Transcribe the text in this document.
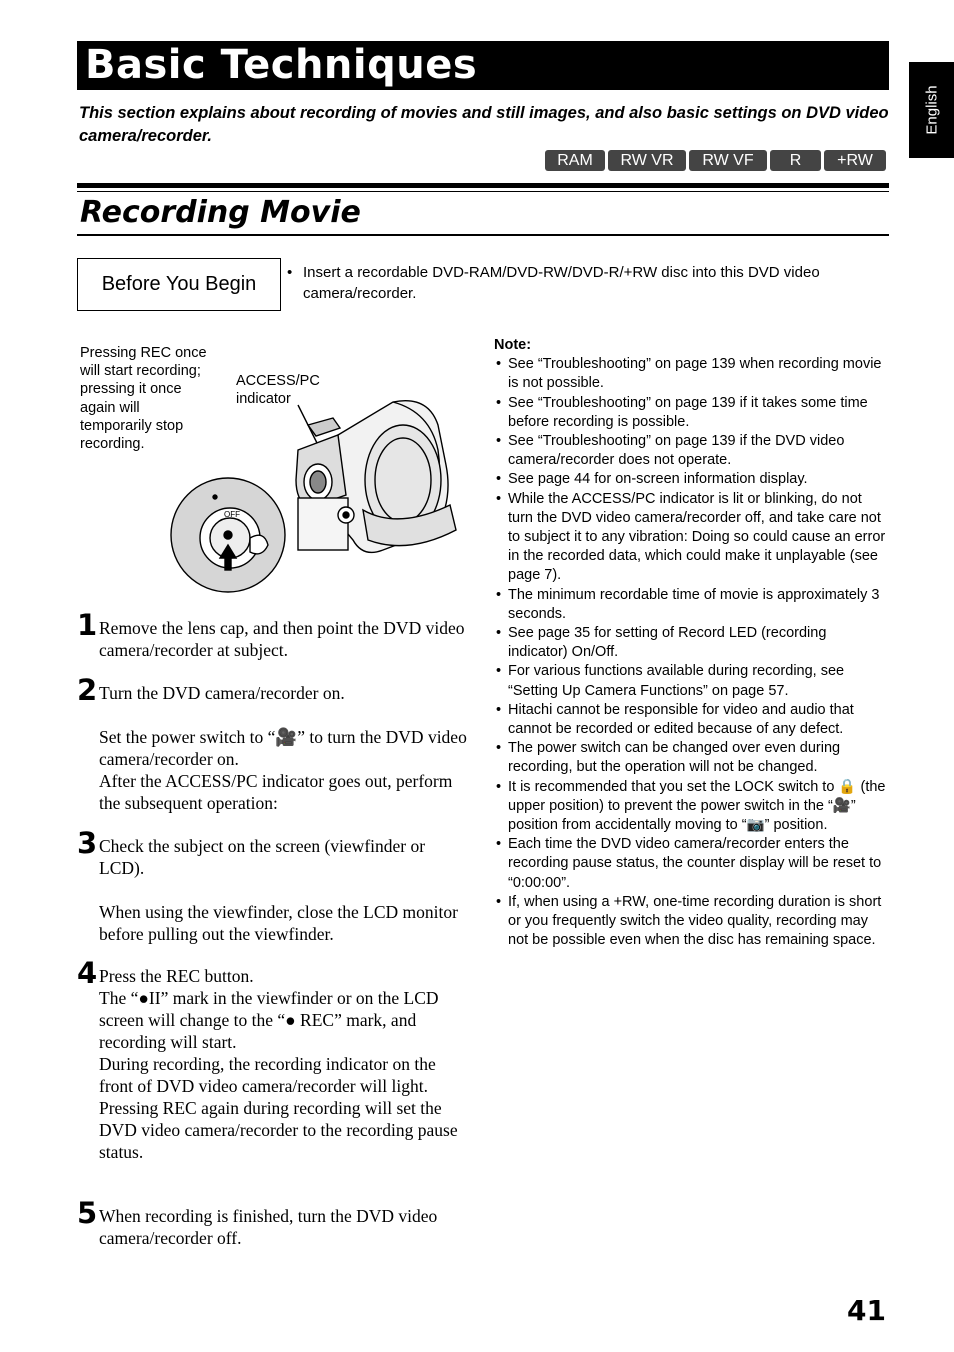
Basic Techniques
English
This section explains about recording of movies and still images, and also basic settings on DVD video camera/recorder.
RAM	RW VR	RW VF	R	+RW
Recording Movie
Before You Begin
• Insert a recordable DVD-RAM/DVD-RW/DVD-R/+RW disc into this DVD video camera/recorder.
Pressing REC once will start recording; pressing it once again will temporarily stop recording.
ACCESS/PC indicator
OFF
1 Remove the lens cap, and then point the DVD video camera/recorder at subject.
2 Turn the DVD camera/recorder on.
Set the power switch to “🎥” to turn the DVD video camera/recorder on.
After the ACCESS/PC indicator goes out, perform the subsequent operation:
3 Check the subject on the screen (viewfinder or LCD).
When using the viewfinder, close the LCD monitor before pulling out the viewfinder.
4 Press the REC button.
The “●II” mark in the viewfinder or on the LCD screen will change to the “● REC” mark, and recording will start.
During recording, the recording indicator on the front of DVD video camera/recorder will light.
Pressing REC again during recording will set the DVD video camera/recorder to the recording pause status.
5 When recording is finished, turn the DVD video camera/recorder off.
Note:
• See “Troubleshooting” on page 139 when recording movie is not possible.
• See “Troubleshooting” on page 139 if it takes some time before recording is possible.
• See “Troubleshooting” on page 139 if the DVD video camera/recorder does not operate.
• See page 44 for on-screen information display.
• While the ACCESS/PC indicator is lit or blinking, do not turn the DVD video camera/recorder off, and take care not to subject it to any vibration: Doing so could cause an error in the recorded data, which could make it unplayable (see page 7).
• The minimum recordable time of movie is approximately 3 seconds.
• See page 35 for setting of Record LED (recording indicator) On/Off.
• For various functions available during recording, see “Setting Up Camera Functions” on page 57.
• Hitachi cannot be responsible for video and audio that cannot be recorded or edited because of any defect.
• The power switch can be changed over even during recording, but the operation will not be changed.
• It is recommended that you set the LOCK switch to 🔒 (the upper position) to prevent the power switch in the “🎥” position from accidentally moving to “📷” position.
• Each time the DVD video camera/recorder enters the recording pause status, the counter display will be reset to “0:00:00”.
• If, when using a +RW, one-time recording duration is short or you frequently switch the video quality, recording may not be possible even when the disc has remaining space.
41
